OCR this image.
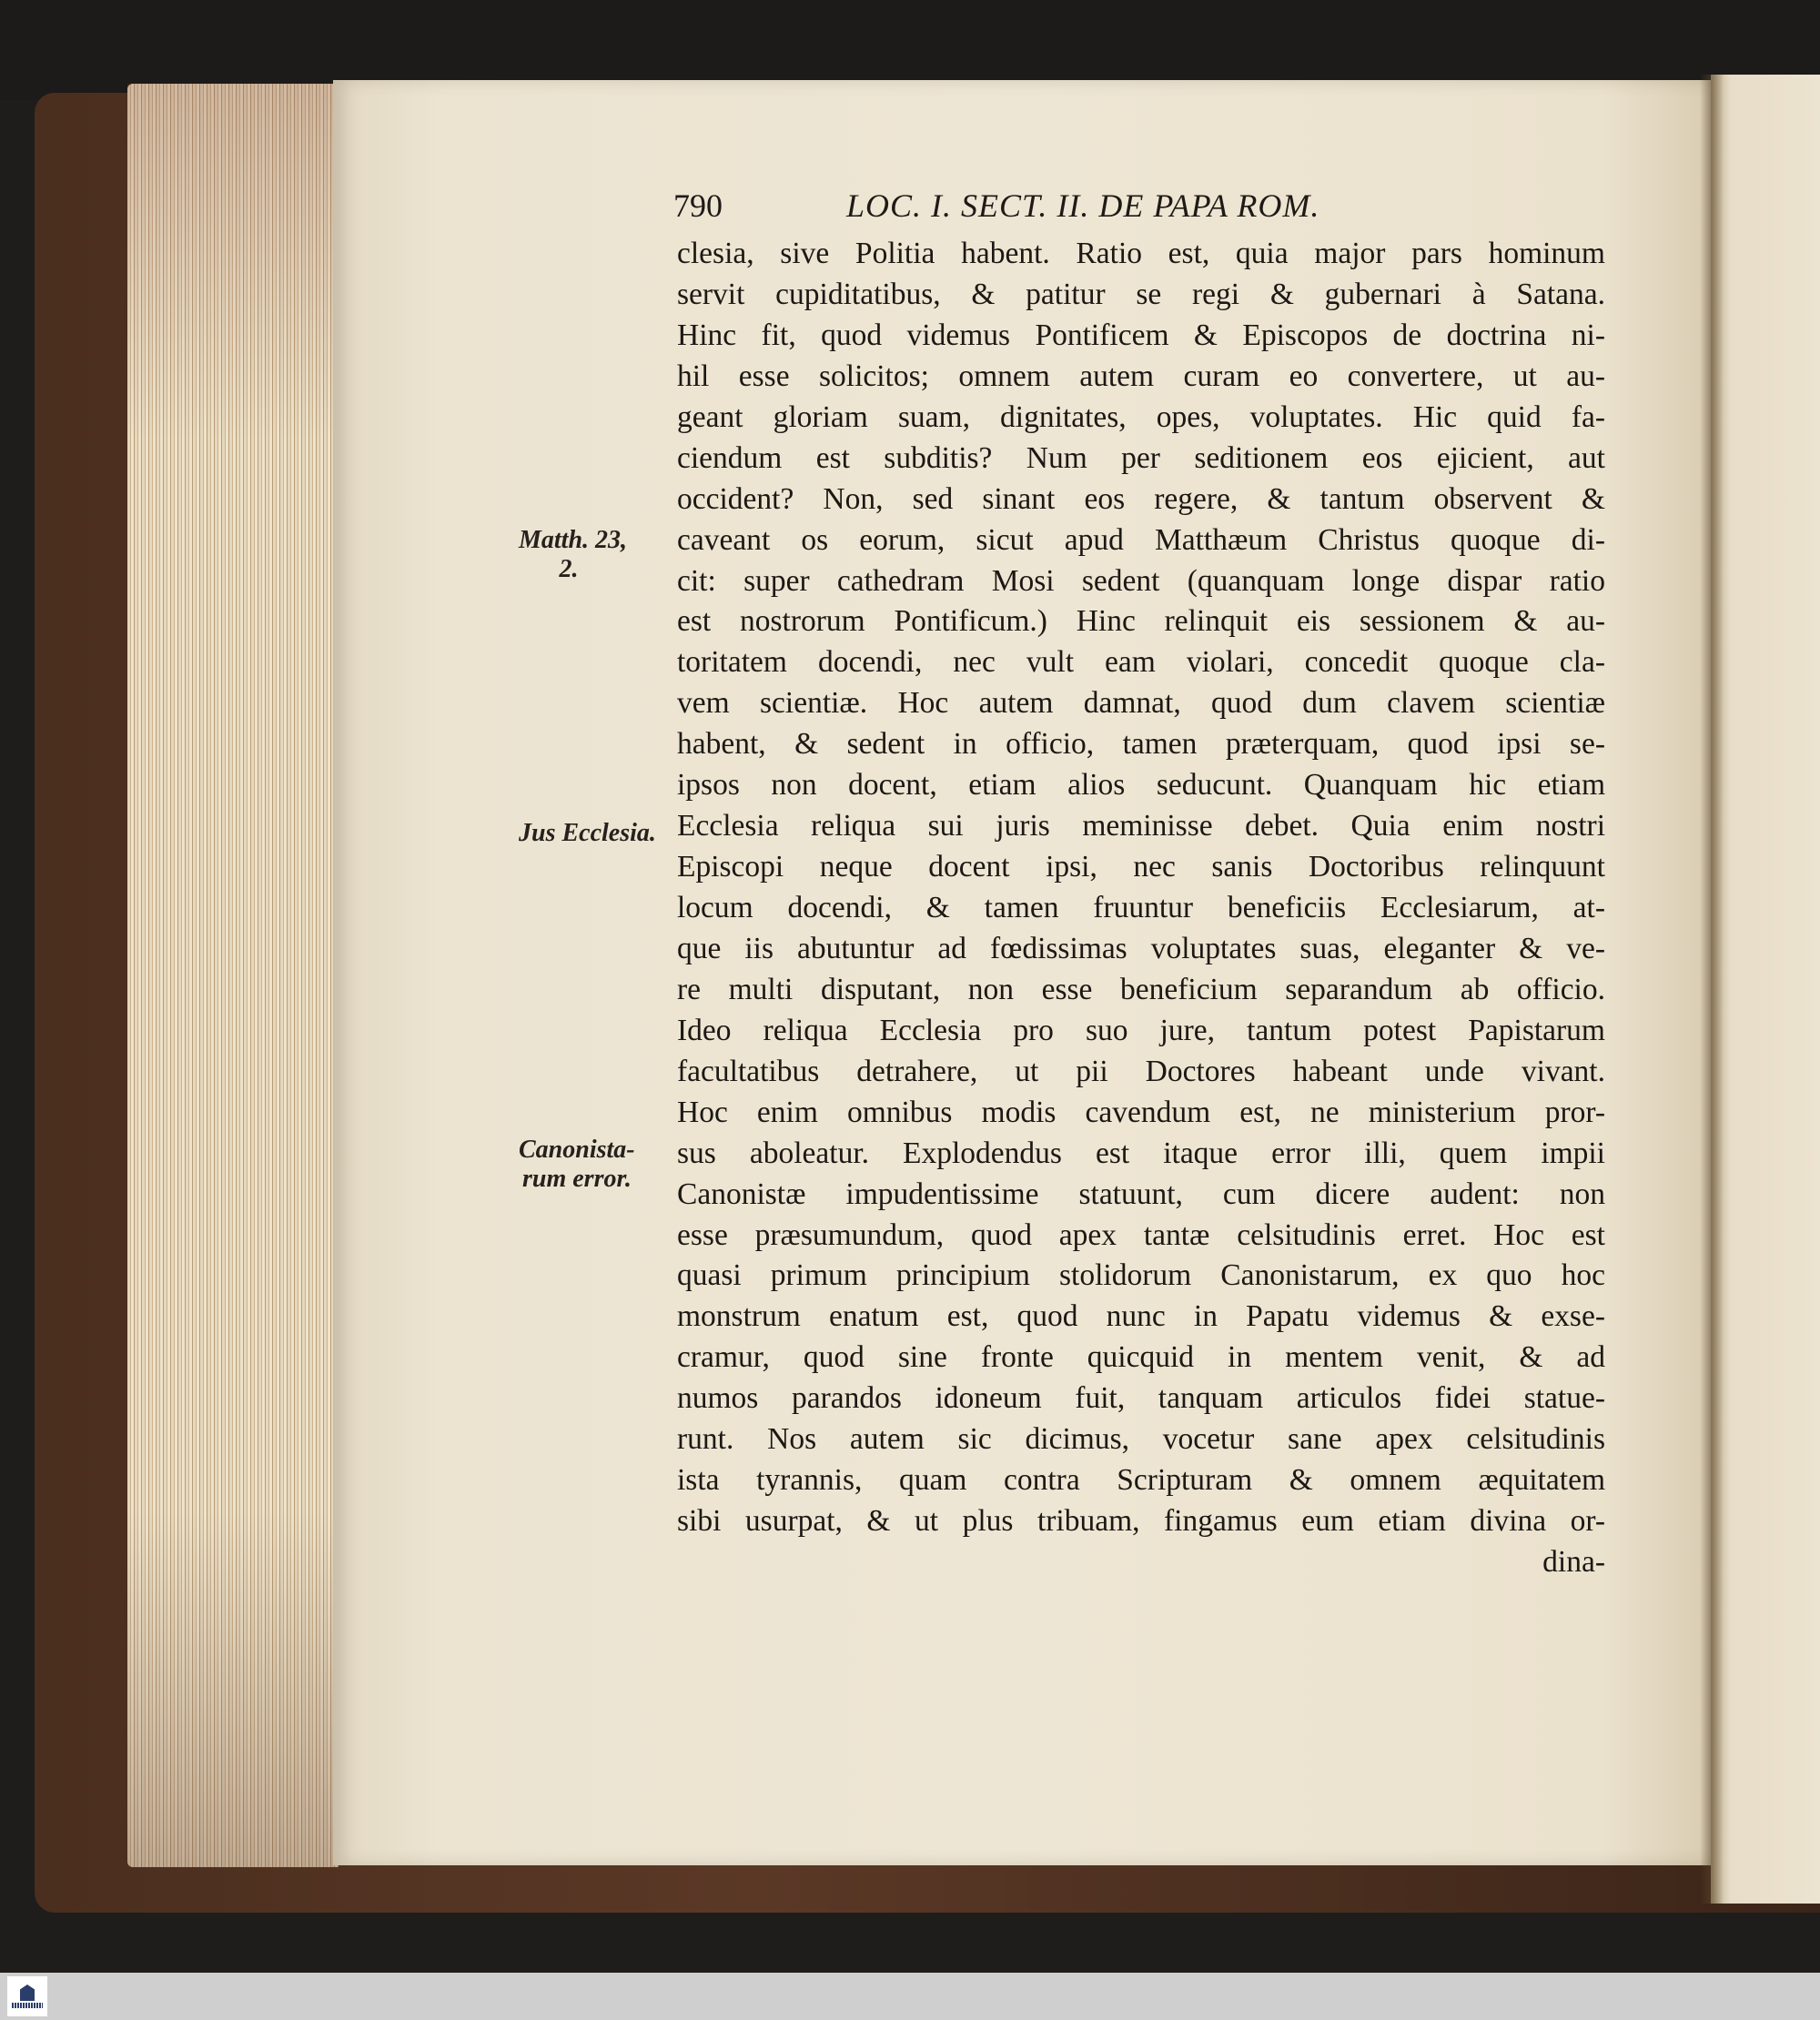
790	LOC. I. SECT. II. DE PAPA ROM.
Matth. 23,
2.
Jus Ecclesia.
Canonista-
rum error.
clesia, sive Politia habent. Ratio est, quia major pars hominum
servit cupiditatibus, & patitur se regi & gubernari à Satana.
Hinc fit, quod videmus Pontificem & Episcopos de doctrina ni-
hil esse solicitos; omnem autem curam eo convertere, ut au-
geant gloriam suam, dignitates, opes, voluptates. Hic quid fa-
ciendum est subditis? Num per seditionem eos ejicient, aut
occident? Non, sed sinant eos regere, & tantum observent &
caveant os eorum, sicut apud Matthæum Christus quoque di-
cit: super cathedram Mosi sedent (quanquam longe dispar ratio
est nostrorum Pontificum.) Hinc relinquit eis sessionem & au-
toritatem docendi, nec vult eam violari, concedit quoque cla-
vem scientiæ. Hoc autem damnat, quod dum clavem scientiæ
habent, & sedent in officio, tamen præterquam, quod ipsi se-
ipsos non docent, etiam alios seducunt. Quanquam hic etiam
Ecclesia reliqua sui juris meminisse debet. Quia enim nostri
Episcopi neque docent ipsi, nec sanis Doctoribus relinquunt
locum docendi, & tamen fruuntur beneficiis Ecclesiarum, at-
que iis abutuntur ad fœdissimas voluptates suas, eleganter & ve-
re multi disputant, non esse beneficium separandum ab officio.
Ideo reliqua Ecclesia pro suo jure, tantum potest Papistarum
facultatibus detrahere, ut pii Doctores habeant unde vivant.
Hoc enim omnibus modis cavendum est, ne ministerium pror-
sus aboleatur. Explodendus est itaque error illi, quem impii
Canonistæ impudentissime statuunt, cum dicere audent: non
esse præsumundum, quod apex tantæ celsitudinis erret. Hoc est
quasi primum principium stolidorum Canonistarum, ex quo hoc
monstrum enatum est, quod nunc in Papatu videmus & exse-
cramur, quod sine fronte quicquid in mentem venit, & ad
numos parandos idoneum fuit, tanquam articulos fidei statue-
runt. Nos autem sic dicimus, vocetur sane apex celsitudinis
ista tyrannis, quam contra Scripturam & omnem æquitatem
sibi usurpat, & ut plus tribuam, fingamus eum etiam divina or-
dina-
